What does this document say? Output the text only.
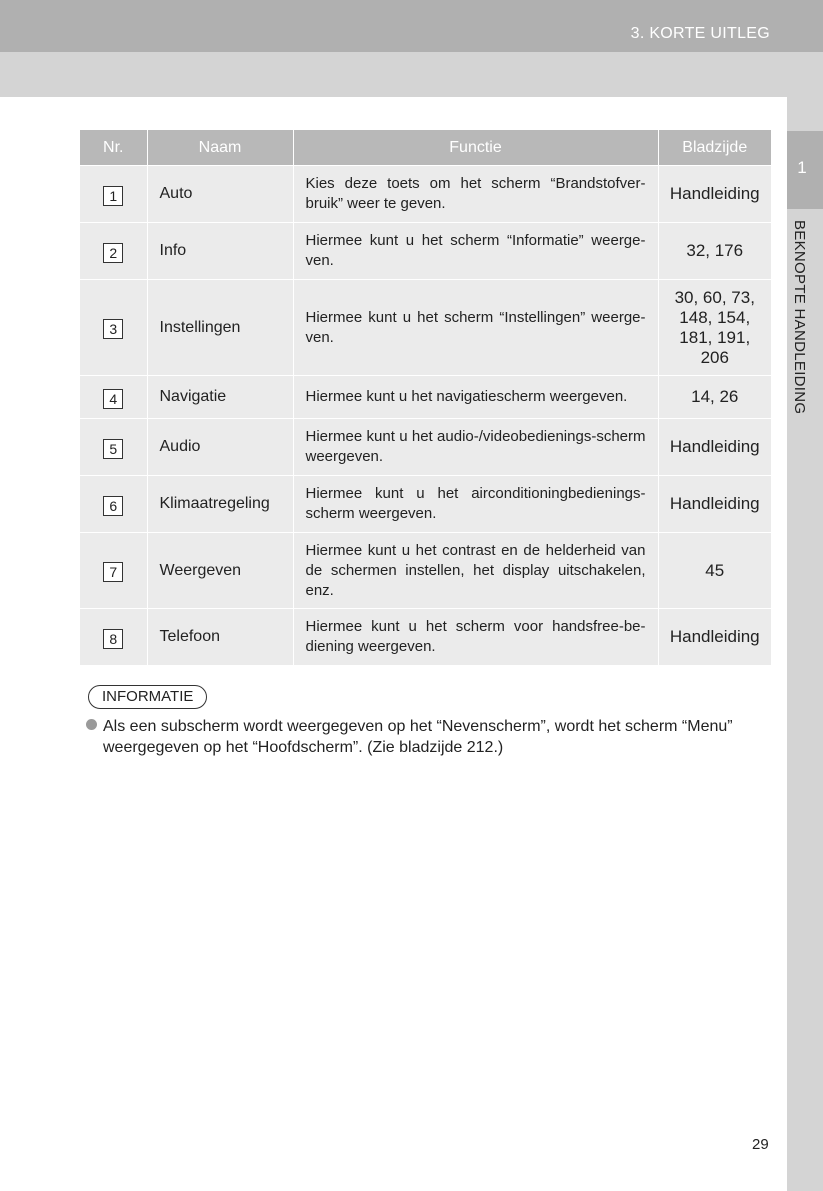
3. KORTE UITLEG
1
BEKNOPTE HANDLEIDING
Nr.	Naam	Functie	Bladzijde
1	Auto	Kies deze toets om het scherm “Brandstofver-bruik” weer te geven.	Handleiding
2	Info	Hiermee kunt u het scherm “Informatie” weerge-ven.	32, 176
3	Instellingen	Hiermee kunt u het scherm “Instellingen” weerge-ven.	30, 60, 73, 148, 154, 181, 191, 206
4	Navigatie	Hiermee kunt u het navigatiescherm weergeven.	14, 26
5	Audio	Hiermee kunt u het audio-/videobedienings-scherm weergeven.	Handleiding
6	Klimaatregeling	Hiermee kunt u het airconditioningbedienings-scherm weergeven.	Handleiding
7	Weergeven	Hiermee kunt u het contrast en de helderheid van de schermen instellen, het display uitschakelen, enz.	45
8	Telefoon	Hiermee kunt u het scherm voor handsfree-be-diening weergeven.	Handleiding
INFORMATIE
Als een subscherm wordt weergegeven op het “Nevenscherm”, wordt het scherm “Menu” weergegeven op het “Hoofdscherm”. (Zie bladzijde 212.)
29
